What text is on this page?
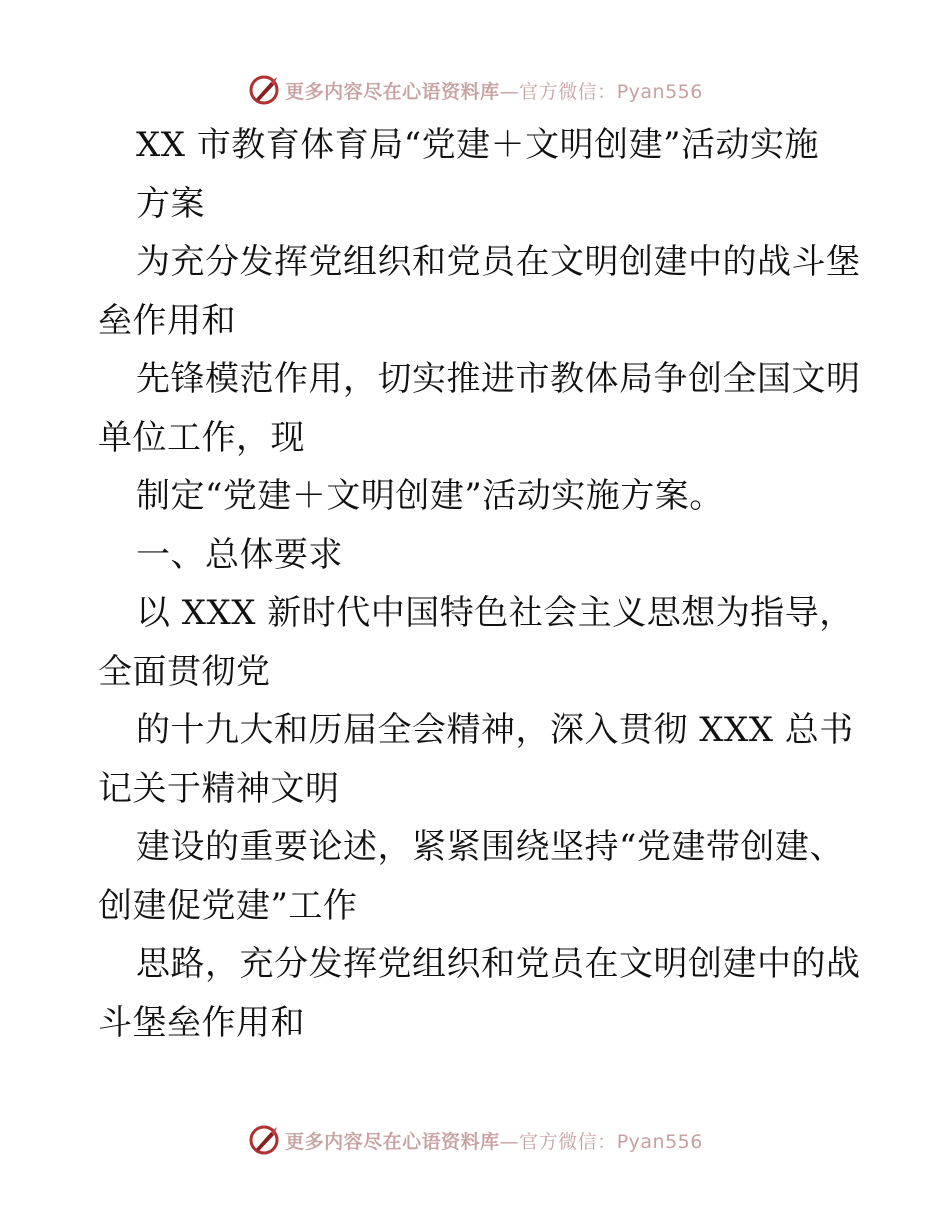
更多内容尽在心语资料库—官方微信：Pyan556
XX 市教育体育局“党建＋文明创建”活动实施
方案
为充分发挥党组织和党员在文明创建中的战斗堡
垒作用和
先锋模范作用，切实推进市教体局争创全国文明
单位工作，现
制定“党建＋文明创建”活动实施方案。
一、总体要求
以 XXX 新时代中国特色社会主义思想为指导，
全面贯彻党
的十九大和历届全会精神，深入贯彻 XXX 总书
记关于精神文明
建设的重要论述，紧紧围绕坚持“党建带创建、
创建促党建”工作
思路，充分发挥党组织和党员在文明创建中的战
斗堡垒作用和
更多内容尽在心语资料库—官方微信：Pyan556
